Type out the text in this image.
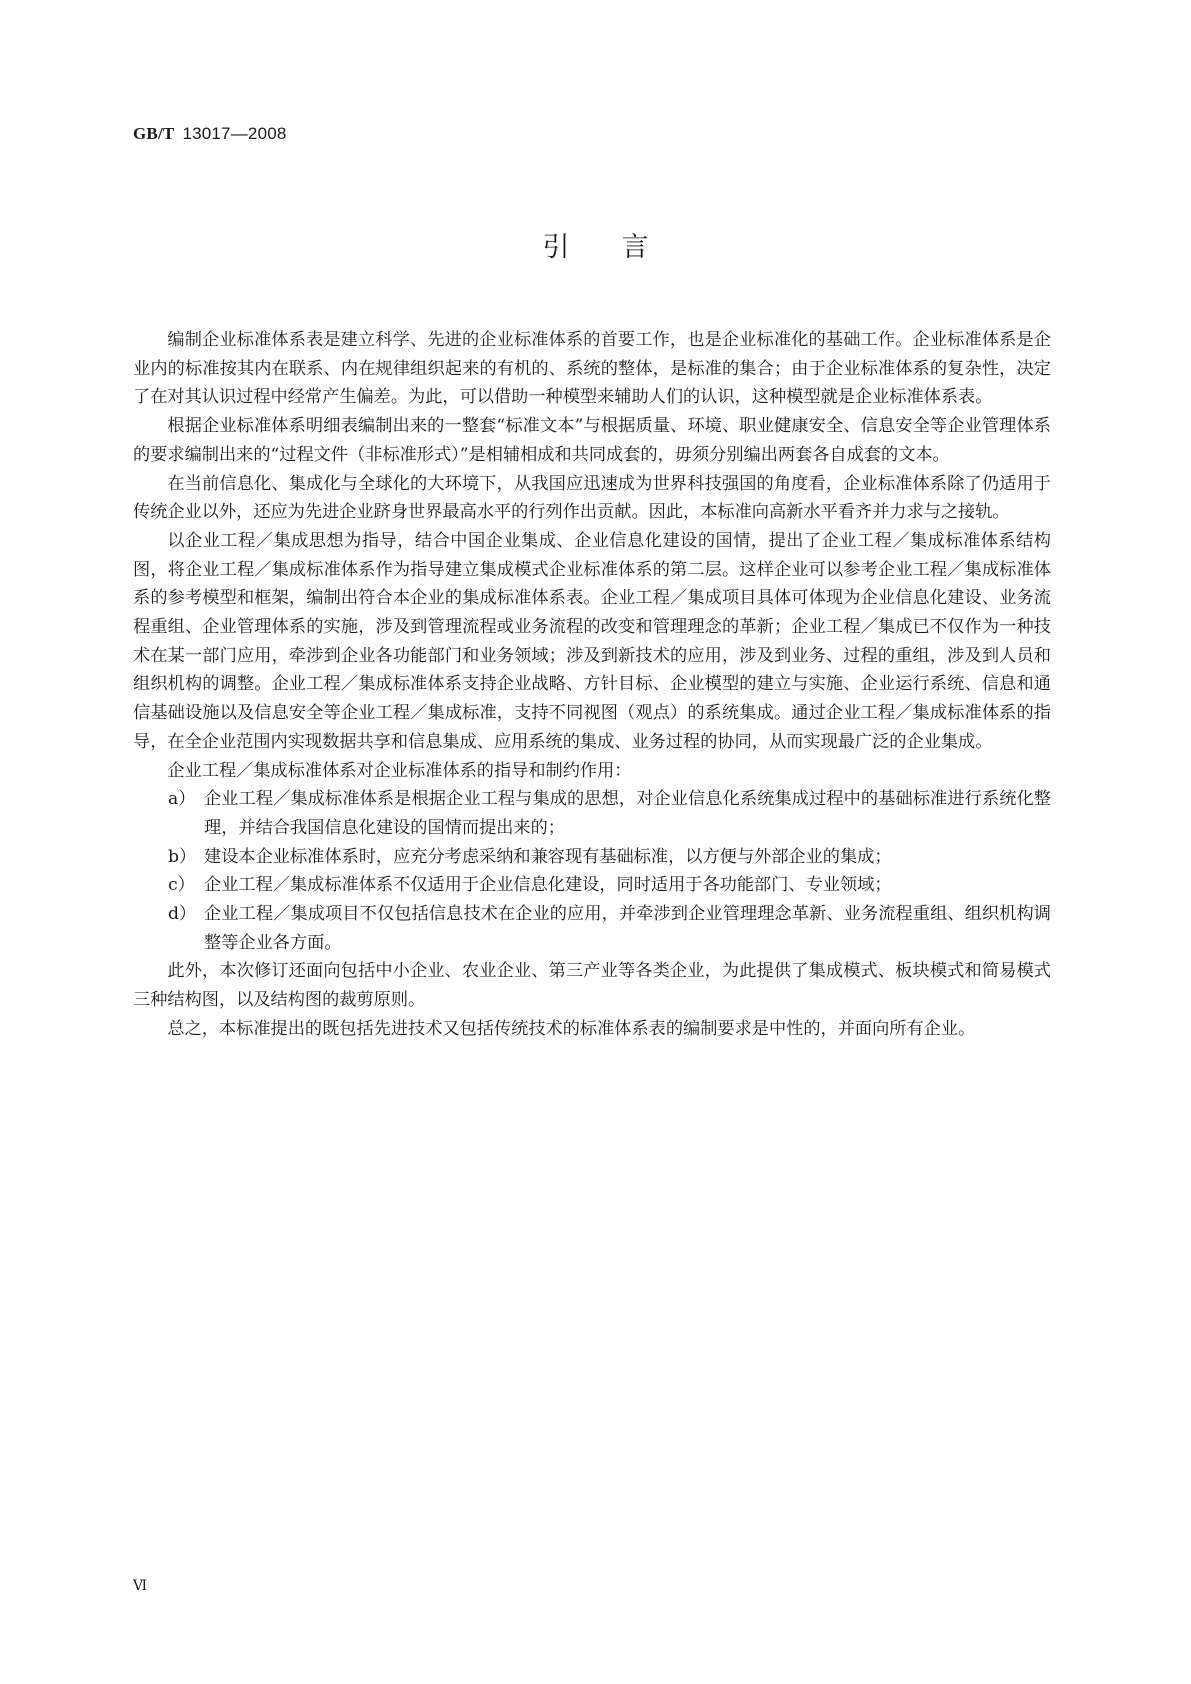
GB/T 13017—2008
引言

编制企业标准体系表是建立科学、先进的企业标准体系的首要工作，也是企业标准化的基础工作。企业标准体系是企业内的标准按其内在联系、内在规律组织起来的有机的、系统的整体，是标准的集合；由于企业标准体系的复杂性，决定了在对其认识过程中经常产生偏差。为此，可以借助一种模型来辅助人们的认识，这种模型就是企业标准体系表。

根据企业标准体系明细表编制出来的一整套“标准文本”与根据质量、环境、职业健康安全、信息安全等企业管理体系的要求编制出来的“过程文件（非标准形式）”是相辅相成和共同成套的，毋须分别编出两套各自成套的文本。

在当前信息化、集成化与全球化的大环境下，从我国应迅速成为世界科技强国的角度看，企业标准体系除了仍适用于传统企业以外，还应为先进企业跻身世界最高水平的行列作出贡献。因此，本标准向高新水平看齐并力求与之接轨。

以企业工程／集成思想为指导，结合中国企业集成、企业信息化建设的国情，提出了企业工程／集成标准体系结构图，将企业工程／集成标准体系作为指导建立集成模式企业标准体系的第二层。这样企业可以参考企业工程／集成标准体系的参考模型和框架，编制出符合本企业的集成标准体系表。企业工程／集成项目具体可体现为企业信息化建设、业务流程重组、企业管理体系的实施，涉及到管理流程或业务流程的改变和管理理念的革新；企业工程／集成已不仅作为一种技术在某一部门应用，牵涉到企业各功能部门和业务领域；涉及到新技术的应用，涉及到业务、过程的重组，涉及到人员和组织机构的调整。企业工程／集成标准体系支持企业战略、方针目标、企业模型的建立与实施、企业运行系统、信息和通信基础设施以及信息安全等企业工程／集成标准，支持不同视图（观点）的系统集成。通过企业工程／集成标准体系的指导，在全企业范围内实现数据共享和信息集成、应用系统的集成、业务过程的协同，从而实现最广泛的企业集成。

企业工程／集成标准体系对企业标准体系的指导和制约作用：

a） 企业工程／集成标准体系是根据企业工程与集成的思想，对企业信息化系统集成过程中的基础标准进行系统化整理，并结合我国信息化建设的国情而提出来的；
b） 建设本企业标准体系时，应充分考虑采纳和兼容现有基础标准，以方便与外部企业的集成；
c） 企业工程／集成标准体系不仅适用于企业信息化建设，同时适用于各功能部门、专业领域；
d） 企业工程／集成项目不仅包括信息技术在企业的应用，并牵涉到企业管理理念革新、业务流程重组、组织机构调整等企业各方面。

此外，本次修订还面向包括中小企业、农业企业、第三产业等各类企业，为此提供了集成模式、板块模式和简易模式三种结构图，以及结构图的裁剪原则。

总之，本标准提出的既包括先进技术又包括传统技术的标准体系表的编制要求是中性的，并面向所有企业。

Ⅵ
